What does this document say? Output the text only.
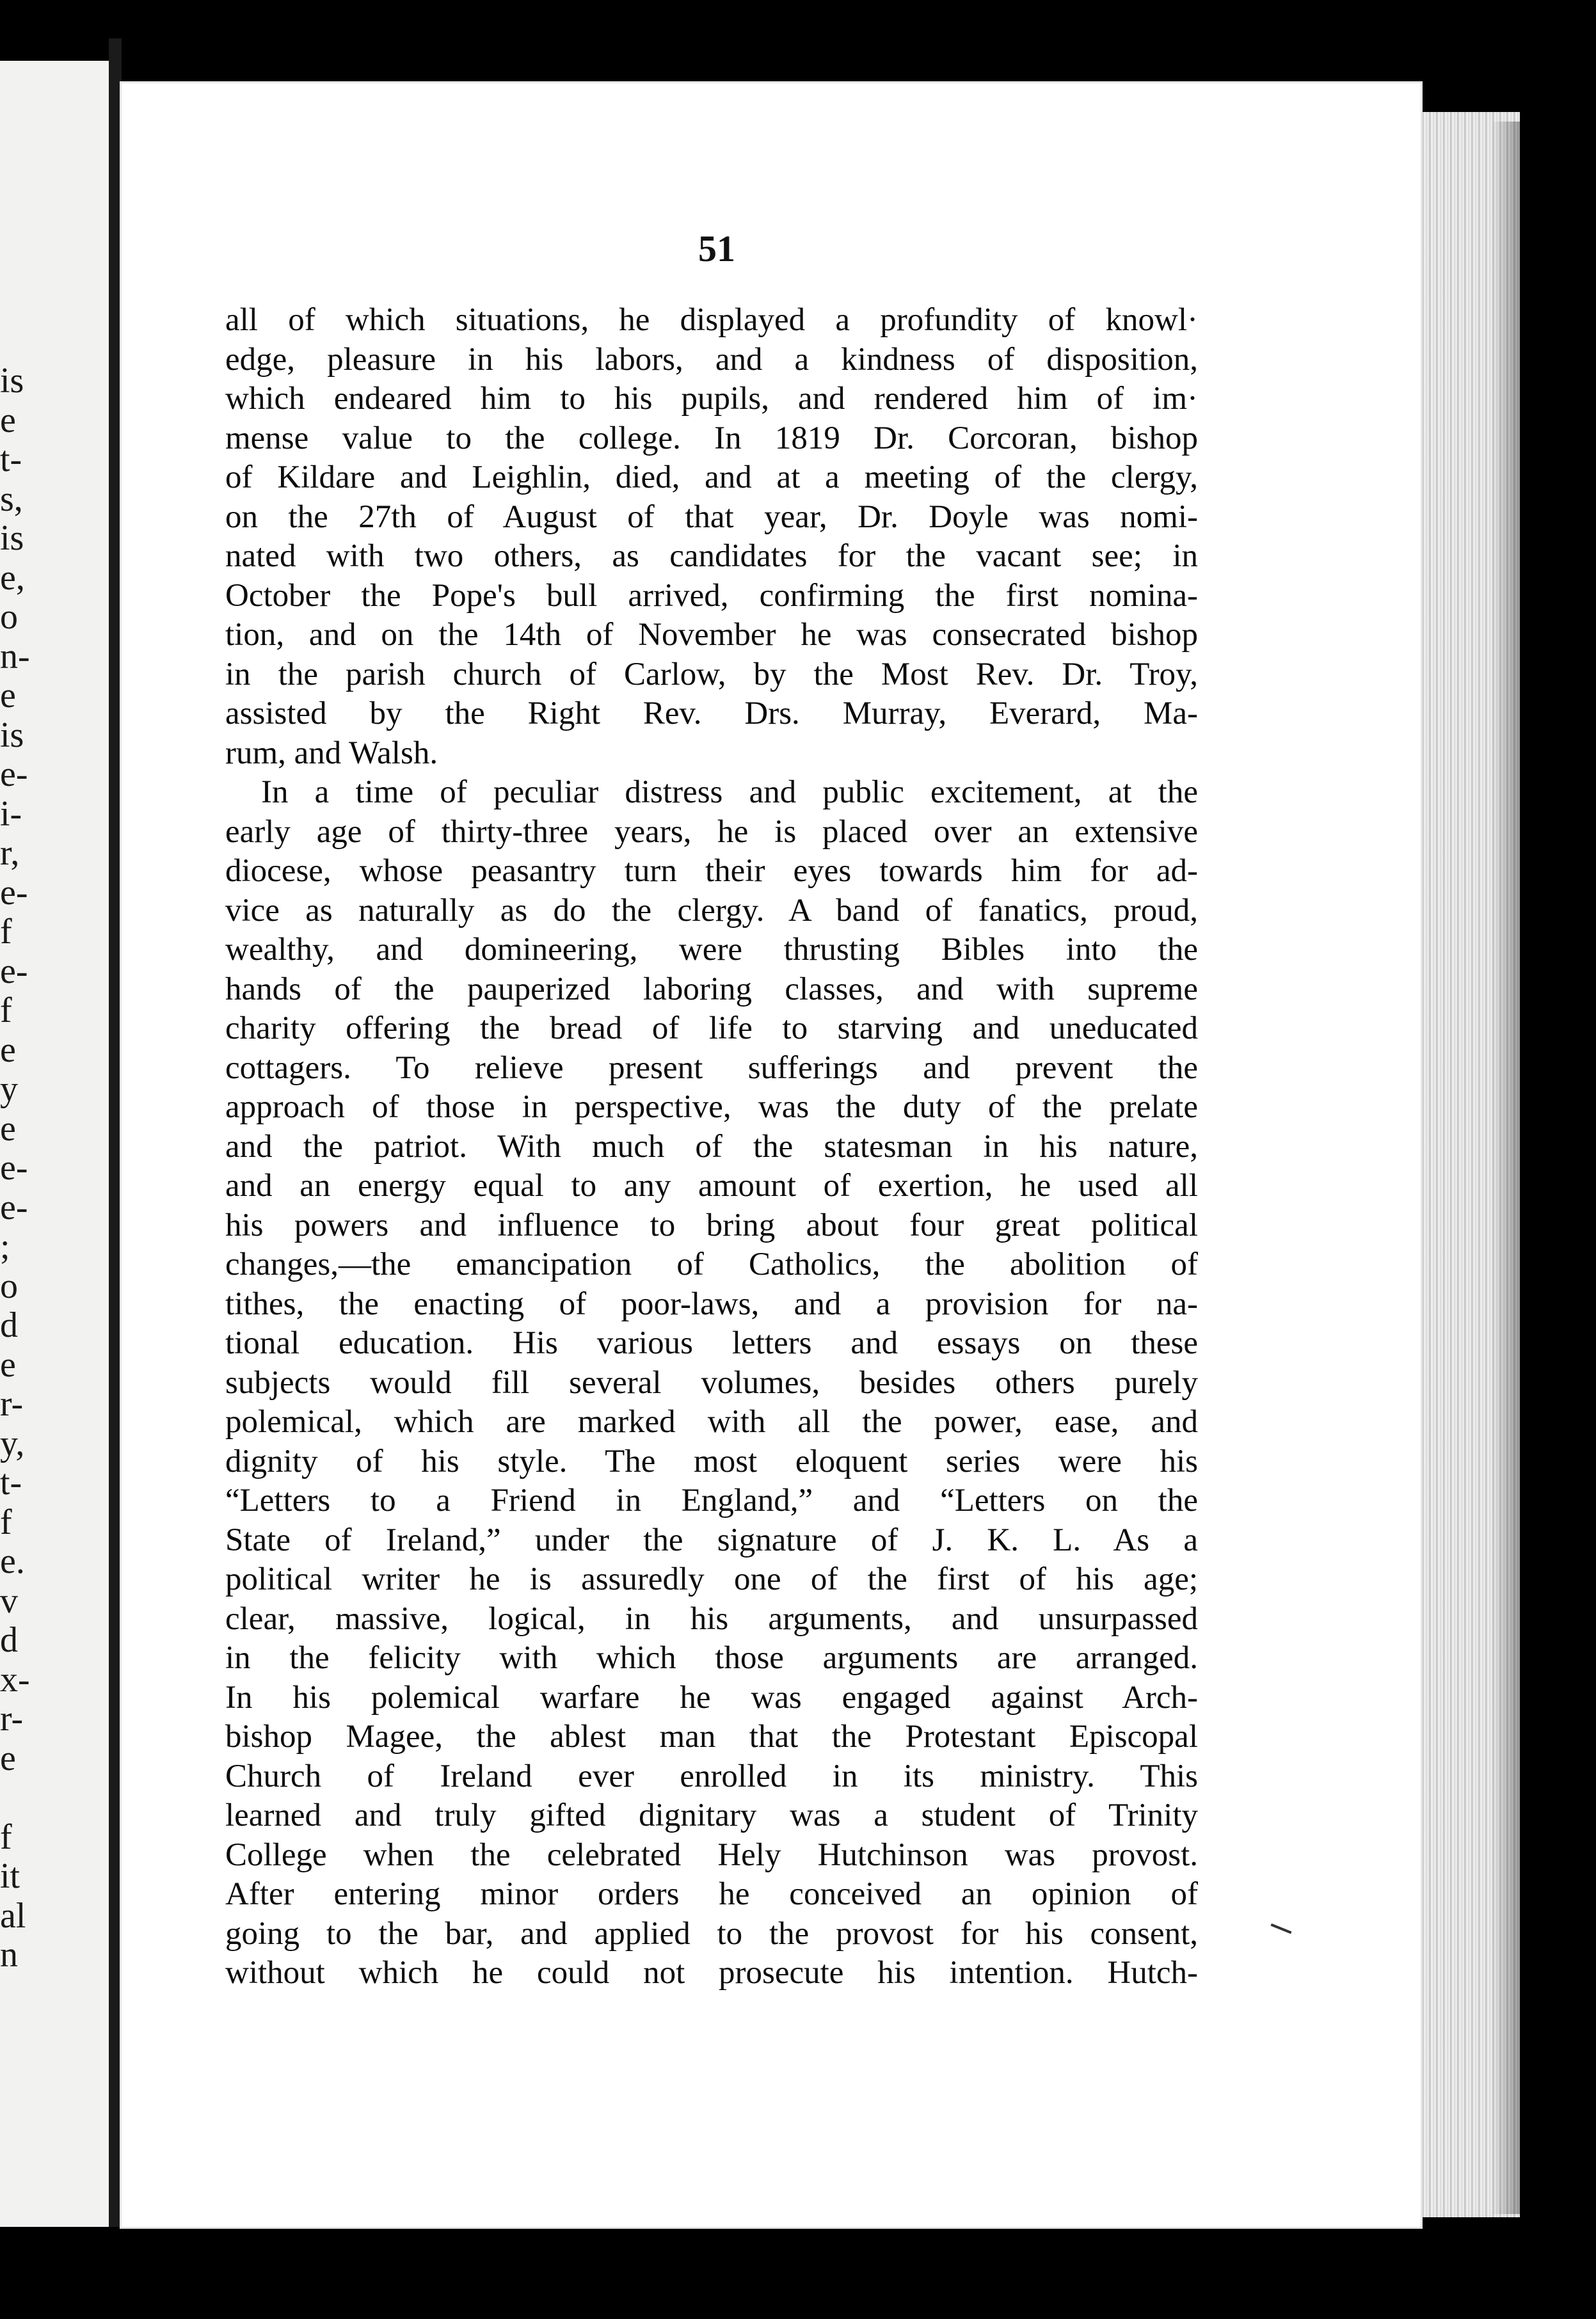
is
e
t-
s,
is
e,
o
n-
e
is
e-
i-
r,
e-
f
e-
f
e
y
e
e-
e-
;
o
d
e
r-
y,
t-
f
e.
v
d
x-
r-
e
f
it
al
n
51
all of which situations, he displayed a profundity of knowl·
edge, pleasure in his labors, and a kindness of disposition,
which endeared him to his pupils, and rendered him of im·
mense value to the college. In 1819 Dr. Corcoran, bishop
of Kildare and Leighlin, died, and at a meeting of the clergy,
on the 27th of August of that year, Dr. Doyle was nomi-
nated with two others, as candidates for the vacant see; in
October the Pope's bull arrived, confirming the first nomina-
tion, and on the 14th of November he was consecrated bishop
in the parish church of Carlow, by the Most Rev. Dr. Troy,
assisted by the Right Rev. Drs. Murray, Everard, Ma-
rum, and Walsh.
In a time of peculiar distress and public excitement, at the
early age of thirty-three years, he is placed over an extensive
diocese, whose peasantry turn their eyes towards him for ad-
vice as naturally as do the clergy. A band of fanatics, proud,
wealthy, and domineering, were thrusting Bibles into the
hands of the pauperized laboring classes, and with supreme
charity offering the bread of life to starving and uneducated
cottagers. To relieve present sufferings and prevent the
approach of those in perspective, was the duty of the prelate
and the patriot. With much of the statesman in his nature,
and an energy equal to any amount of exertion, he used all
his powers and influence to bring about four great political
changes,—the emancipation of Catholics, the abolition of
tithes, the enacting of poor-laws, and a provision for na-
tional education. His various letters and essays on these
subjects would fill several volumes, besides others purely
polemical, which are marked with all the power, ease, and
dignity of his style. The most eloquent series were his
“Letters to a Friend in England,” and “Letters on the
State of Ireland,” under the signature of J. K. L. As a
political writer he is assuredly one of the first of his age;
clear, massive, logical, in his arguments, and unsurpassed
in the felicity with which those arguments are arranged.
In his polemical warfare he was engaged against Arch-
bishop Magee, the ablest man that the Protestant Episcopal
Church of Ireland ever enrolled in its ministry. This
learned and truly gifted dignitary was a student of Trinity
College when the celebrated Hely Hutchinson was provost.
After entering minor orders he conceived an opinion of
going to the bar, and applied to the provost for his consent,
without which he could not prosecute his intention. Hutch-
